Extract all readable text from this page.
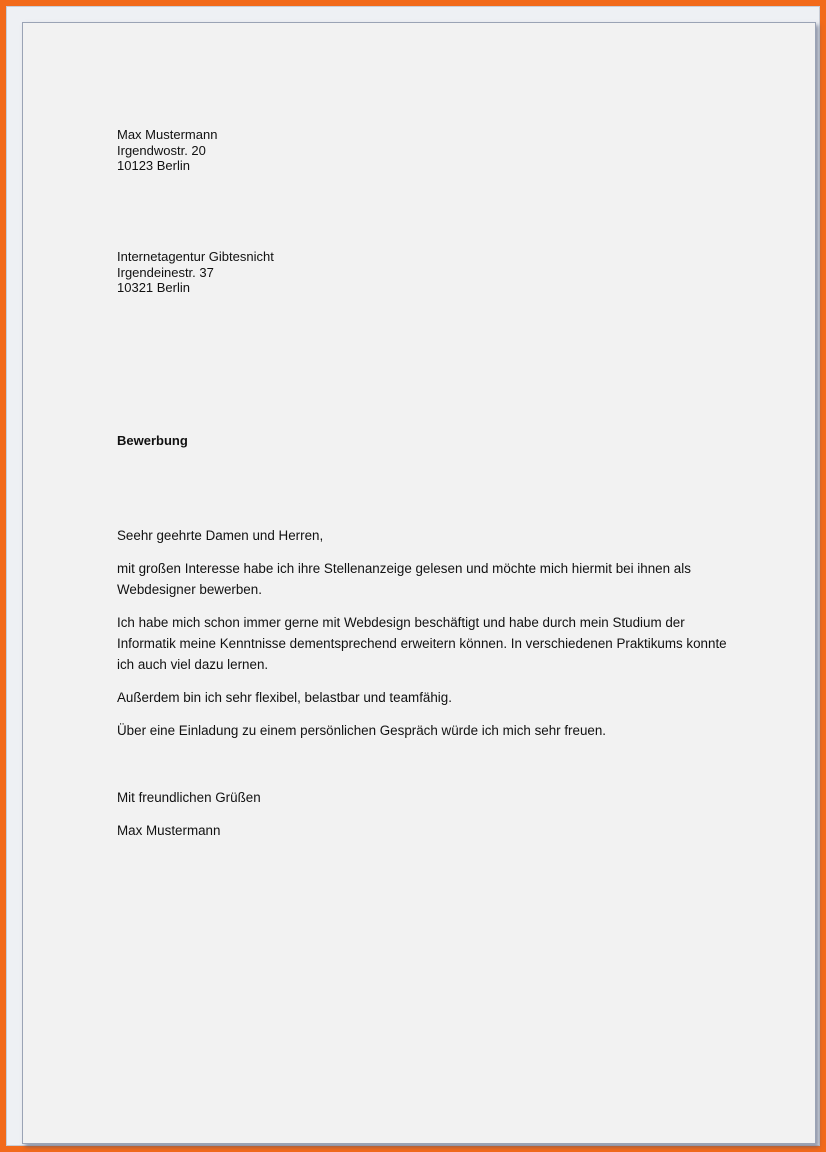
Max Mustermann
Irgendwostr. 20
10123 Berlin
Internetagentur Gibtesnicht
Irgendeinestr. 37
10321 Berlin
Bewerbung

Seehr geehrte Damen und Herren,

mit großen Interesse habe ich ihre Stellenanzeige gelesen und möchte mich hiermit bei ihnen als Webdesigner bewerben.

Ich habe mich schon immer gerne mit Webdesign beschäftigt und habe durch mein Studium der Informatik meine Kenntnisse dementsprechend erweitern können. In verschiedenen Praktikums konnte ich auch viel dazu lernen.

Außerdem bin ich sehr flexibel, belastbar und teamfähig.

Über eine Einladung zu einem persönlichen Gespräch würde ich mich sehr freuen.

Mit freundlichen Grüßen

Max Mustermann
